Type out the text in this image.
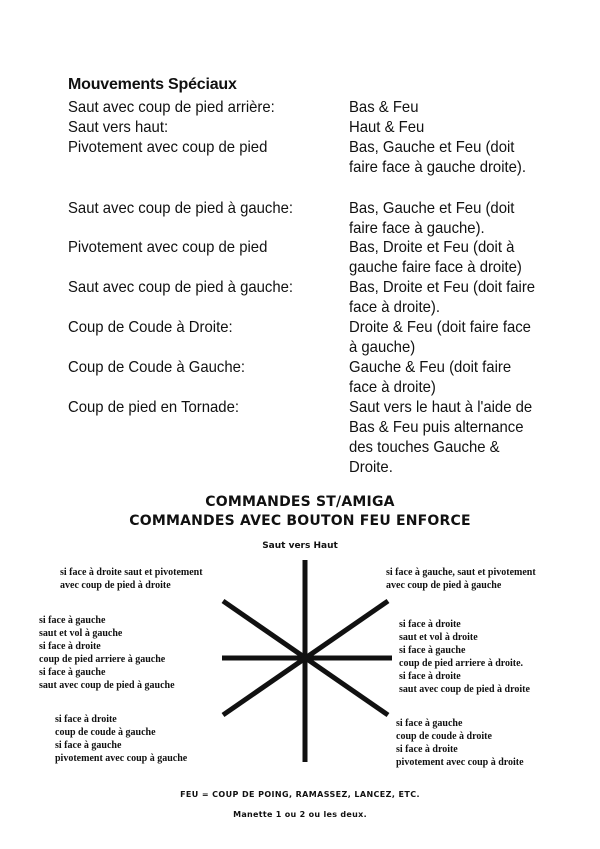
Mouvements Spéciaux
Saut avec coup de pied arrière:	Bas & Feu
Saut vers haut:	Haut & Feu
Pivotement avec coup de pied	Bas, Gauche et Feu (doit faire face à gauche droite).
Saut avec coup de pied à gauche:	Bas, Gauche et Feu (doit faire face à gauche).
Pivotement avec coup de pied	Bas, Droite et Feu (doit à gauche faire face à droite)
Saut avec coup de pied à gauche:	Bas, Droite et Feu (doit faire face à droite).
Coup de Coude à Droite:	Droite & Feu (doit faire face à gauche)
Coup de Coude à Gauche:	Gauche & Feu (doit faire face à droite)
Coup de pied en Tornade:	Saut vers le haut à l'aide de Bas & Feu puis alternance des touches Gauche & Droite.
COMMANDES ST/AMIGA
COMMANDES AVEC BOUTON FEU ENFORCE
Saut vers Haut
si face à droite saut et pivotement
avec coup de pied à droite
si face à gauche, saut et pivotement
avec coup de pied à gauche
si face à gauche
saut et vol à gauche
si face à droite
coup de pied arriere à gauche
si face à gauche
saut avec coup de pied à gauche
si face à droite
saut et vol à droite
si face à gauche
coup de pied arriere à droite.
si face à droite
saut avec coup de pied à droite
si face à droite
coup de coude à gauche
si face à gauche
pivotement avec coup à gauche
si face à gauche
coup de coude à droite
si face à droite
pivotement avec coup à droite
FEU = COUP DE POING, RAMASSEZ, LANCEZ, ETC.
Manette 1 ou 2 ou les deux.
